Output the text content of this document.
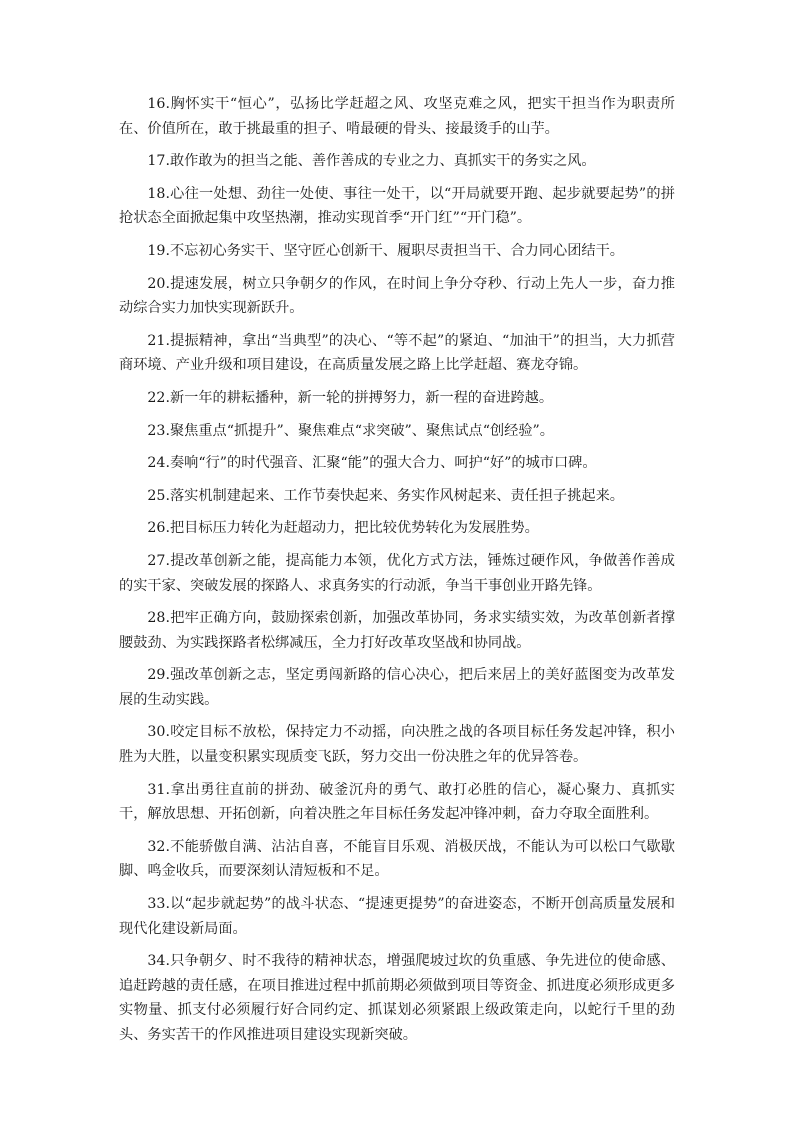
16.胸怀实干“恒心”，弘扬比学赶超之风、攻坚克难之风，把实干担当作为职责所在、价值所在，敢于挑最重的担子、啃最硬的骨头、接最烫手的山芋。

17.敢作敢为的担当之能、善作善成的专业之力、真抓实干的务实之风。

18.心往一处想、劲往一处使、事往一处干，以“开局就要开跑、起步就要起势”的拼抢状态全面掀起集中攻坚热潮，推动实现首季“开门红”“开门稳”。

19.不忘初心务实干、坚守匠心创新干、履职尽责担当干、合力同心团结干。

20.提速发展，树立只争朝夕的作风，在时间上争分夺秒、行动上先人一步，奋力推动综合实力加快实现新跃升。

21.提振精神，拿出“当典型”的决心、“等不起”的紧迫、“加油干”的担当，大力抓营商环境、产业升级和项目建设，在高质量发展之路上比学赶超、赛龙夺锦。

22.新一年的耕耘播种，新一轮的拼搏努力，新一程的奋进跨越。

23.聚焦重点“抓提升”、聚焦难点“求突破”、聚焦试点“创经验”。

24.奏响“行”的时代强音、汇聚“能”的强大合力、呵护“好”的城市口碑。

25.落实机制建起来、工作节奏快起来、务实作风树起来、责任担子挑起来。

26.把目标压力转化为赶超动力，把比较优势转化为发展胜势。

27.提改革创新之能，提高能力本领，优化方式方法，锤炼过硬作风，争做善作善成的实干家、突破发展的探路人、求真务实的行动派，争当干事创业开路先锋。

28.把牢正确方向，鼓励探索创新，加强改革协同，务求实绩实效，为改革创新者撑腰鼓劲、为实践探路者松绑减压，全力打好改革攻坚战和协同战。

29.强改革创新之志，坚定勇闯新路的信心决心，把后来居上的美好蓝图变为改革发展的生动实践。

30.咬定目标不放松，保持定力不动摇，向决胜之战的各项目标任务发起冲锋，积小胜为大胜，以量变积累实现质变飞跃，努力交出一份决胜之年的优异答卷。

31.拿出勇往直前的拼劲、破釜沉舟的勇气、敢打必胜的信心，凝心聚力、真抓实干，解放思想、开拓创新，向着决胜之年目标任务发起冲锋冲刺，奋力夺取全面胜利。

32.不能骄傲自满、沾沾自喜，不能盲目乐观、消极厌战，不能认为可以松口气歇歇脚、鸣金收兵，而要深刻认清短板和不足。

33.以“起步就起势”的战斗状态、“提速更提势”的奋进姿态，不断开创高质量发展和现代化建设新局面。

34.只争朝夕、时不我待的精神状态，增强爬坡过坎的负重感、争先进位的使命感、追赶跨越的责任感，在项目推进过程中抓前期必须做到项目等资金、抓进度必须形成更多实物量、抓支付必须履行好合同约定、抓谋划必须紧跟上级政策走向，以蛇行千里的劲头、务实苦干的作风推进项目建设实现新突破。
